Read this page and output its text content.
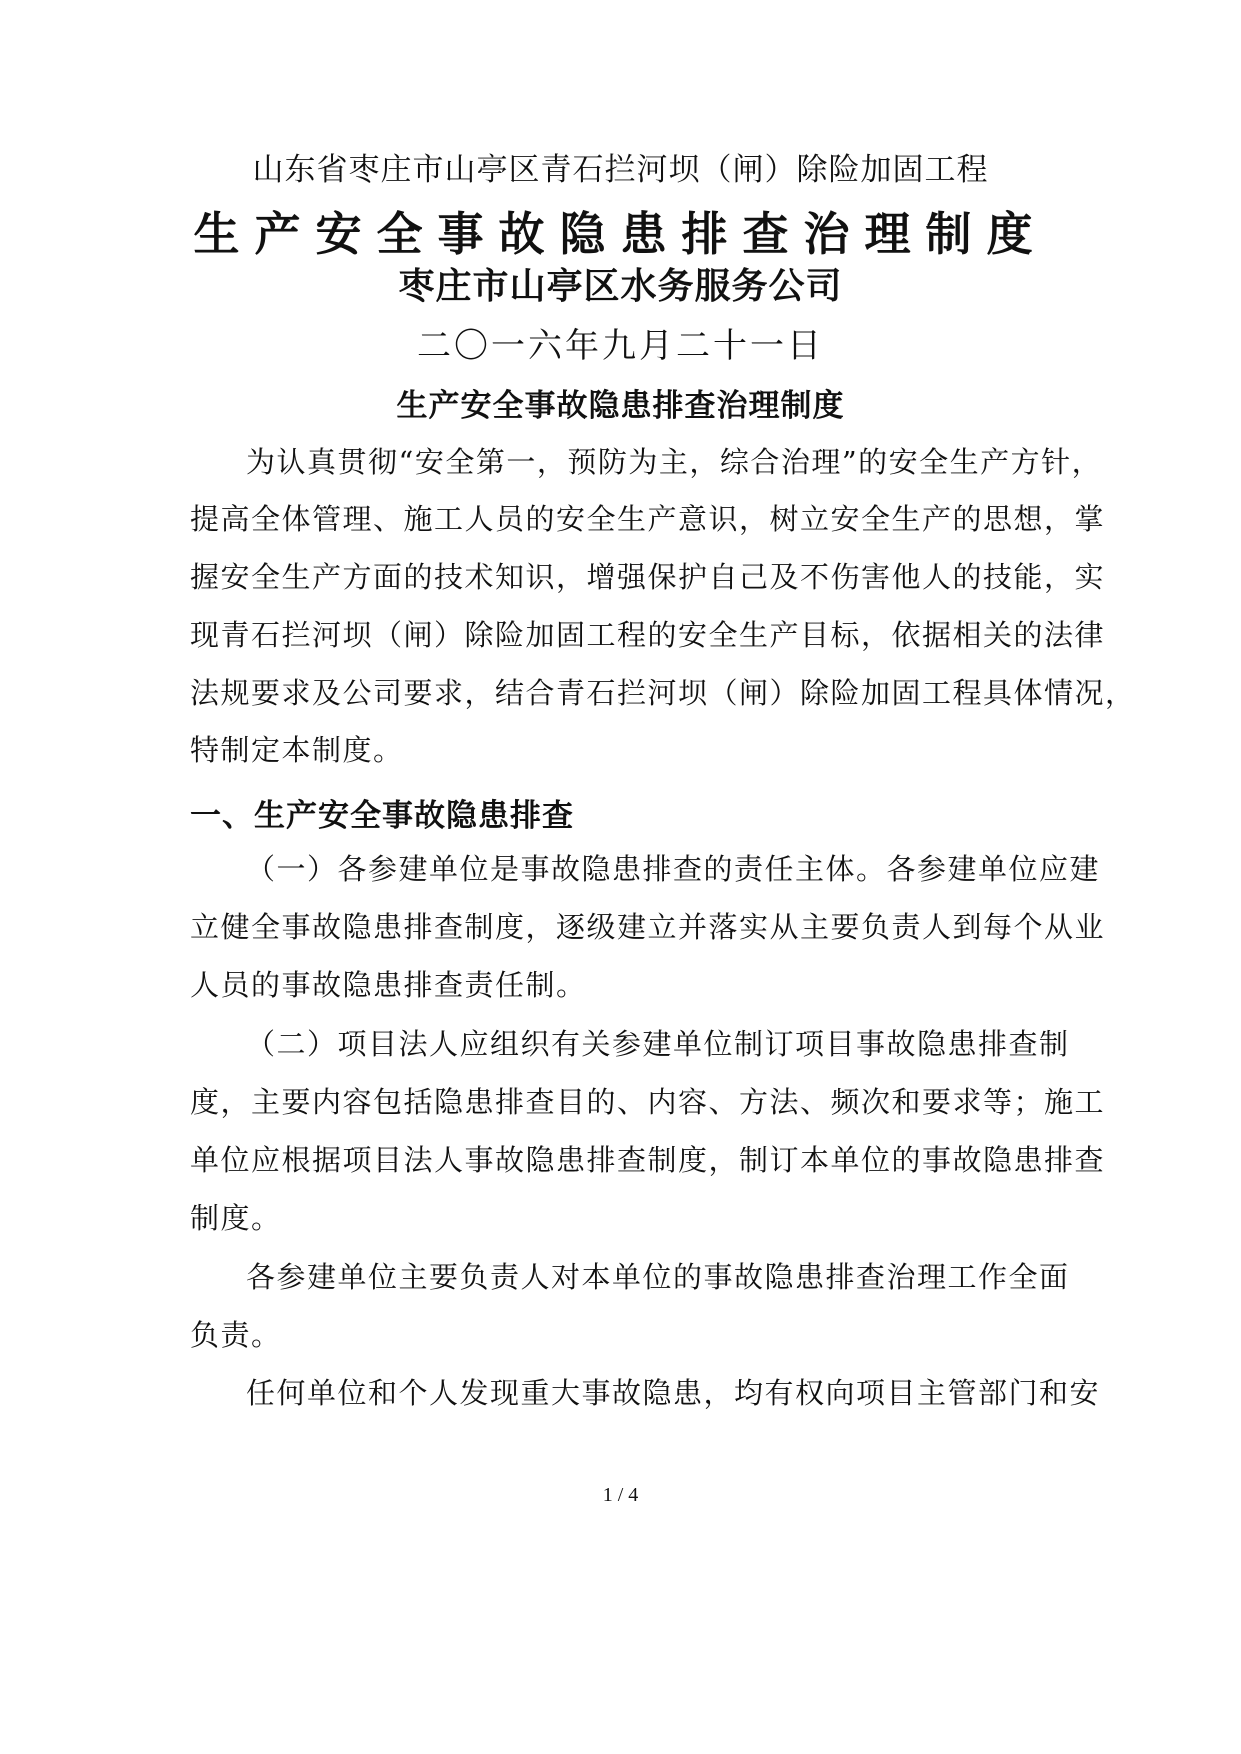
山东省枣庄市山亭区青石拦河坝（闸）除险加固工程
生产安全事故隐患排查治理制度
枣庄市山亭区水务服务公司
二〇一六年九月二十一日
生产安全事故隐患排查治理制度
为认真贯彻“安全第一，预防为主，综合治理”的安全生产方针，
提高全体管理、施工人员的安全生产意识，树立安全生产的思想，掌
握安全生产方面的技术知识，增强保护自己及不伤害他人的技能，实
现青石拦河坝（闸）除险加固工程的安全生产目标，依据相关的法律
法规要求及公司要求，结合青石拦河坝（闸）除险加固工程具体情况，
特制定本制度。
一、生产安全事故隐患排查
（一）各参建单位是事故隐患排查的责任主体。各参建单位应建
立健全事故隐患排查制度，逐级建立并落实从主要负责人到每个从业
人员的事故隐患排查责任制。
（二）项目法人应组织有关参建单位制订项目事故隐患排查制
度，主要内容包括隐患排查目的、内容、方法、频次和要求等；施工
单位应根据项目法人事故隐患排查制度，制订本单位的事故隐患排查
制度。
各参建单位主要负责人对本单位的事故隐患排查治理工作全面
负责。
任何单位和个人发现重大事故隐患，均有权向项目主管部门和安
1 / 4
